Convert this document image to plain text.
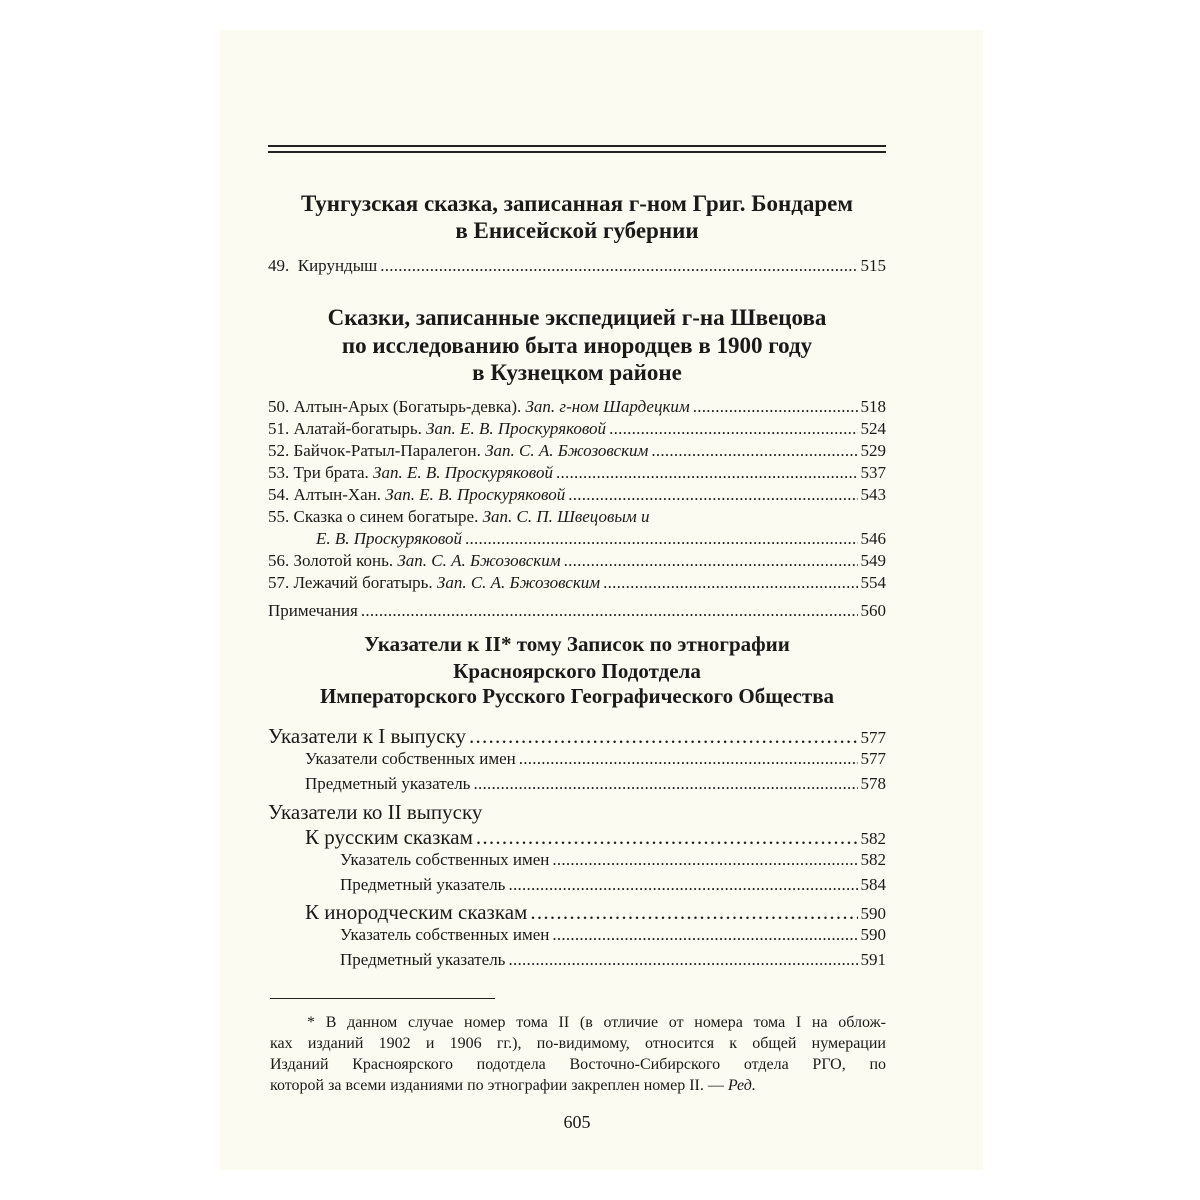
Тунгузская сказка, записанная г-ном Григ. Бондарем
в Енисейской губернии
49. Кирундыш . . .	515
Сказки, записанные экспедицией г-на Швецова
по исследованию быта инородцев в 1900 году
в Кузнецком районе
50. Алтын-Арых (Богатырь-девка). Зап. г-ном Шардецким . . .	518
51. Алатай-богатырь. Зап. Е. В. Проскуряковой . . .	524
52. Байчок-Ратыл-Паралегон. Зап. С. А. Бжозовским . . .	529
53. Три брата. Зап. Е. В. Проскуряковой . . .	537
54. Алтын-Хан. Зап. Е. В. Проскуряковой . . .	543
55. Сказка о синем богатыре. Зап. С. П. Швецовым и
Е. В. Проскуряковой . . .	546
56. Золотой конь. Зап. С. А. Бжозовским . . .	549
57. Лежачий богатырь. Зап. С. А. Бжозовским . . .	554
Примечания . . .	560
Указатели к II* тому Записок по этнографии
Красноярского Подотдела
Императорского Русского Географического Общества
Указатели к I выпуску . . .	577
Указатели собственных имен . . .	577
Предметный указатель . . .	578
Указатели ко II выпуску
К русским сказкам . . .	582
Указатель собственных имен . . .	582
Предметный указатель . . .	584
К инородческим сказкам . . .	590
Указатель собственных имен . . .	590
Предметный указатель . . .	591
* В данном случае номер тома II (в отличие от номера тома I на облож-
ках изданий 1902 и 1906 гг.), по-видимому, относится к общей нумерации
Изданий Красноярского подотдела Восточно-Сибирского отдела РГО, по
которой за всеми изданиями по этнографии закреплен номер II. — Ред.
605
